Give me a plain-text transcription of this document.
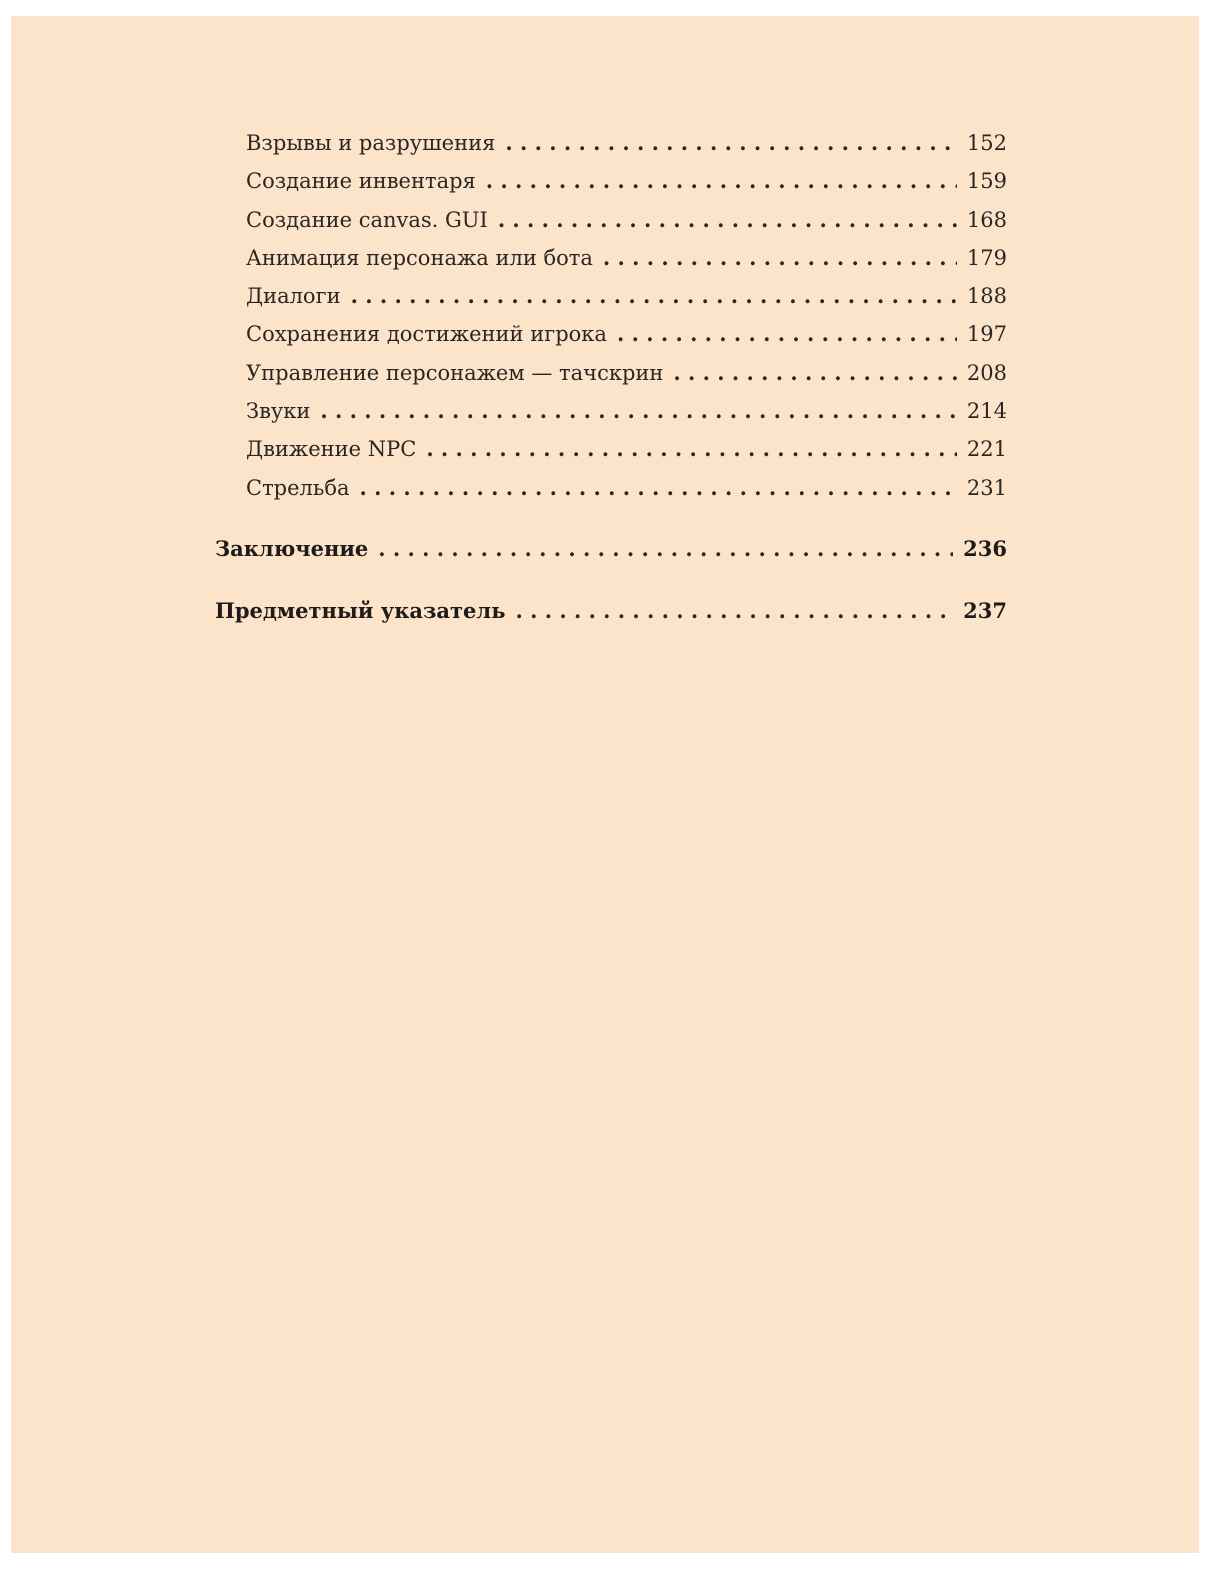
Взрывы и разрушения . . .	152
Создание инвентаря . . .	159
Создание canvas. GUI . . .	168
Анимация персонажа или бота . . .	179
Диалоги . . .	188
Сохранения достижений игрока . . .	197
Управление персонажем — тачскрин . . .	208
Звуки . . .	214
Движение NPC . . .	221
Стрельба . . .	231
Заключение . . .	236
Предметный указатель . . .	237
